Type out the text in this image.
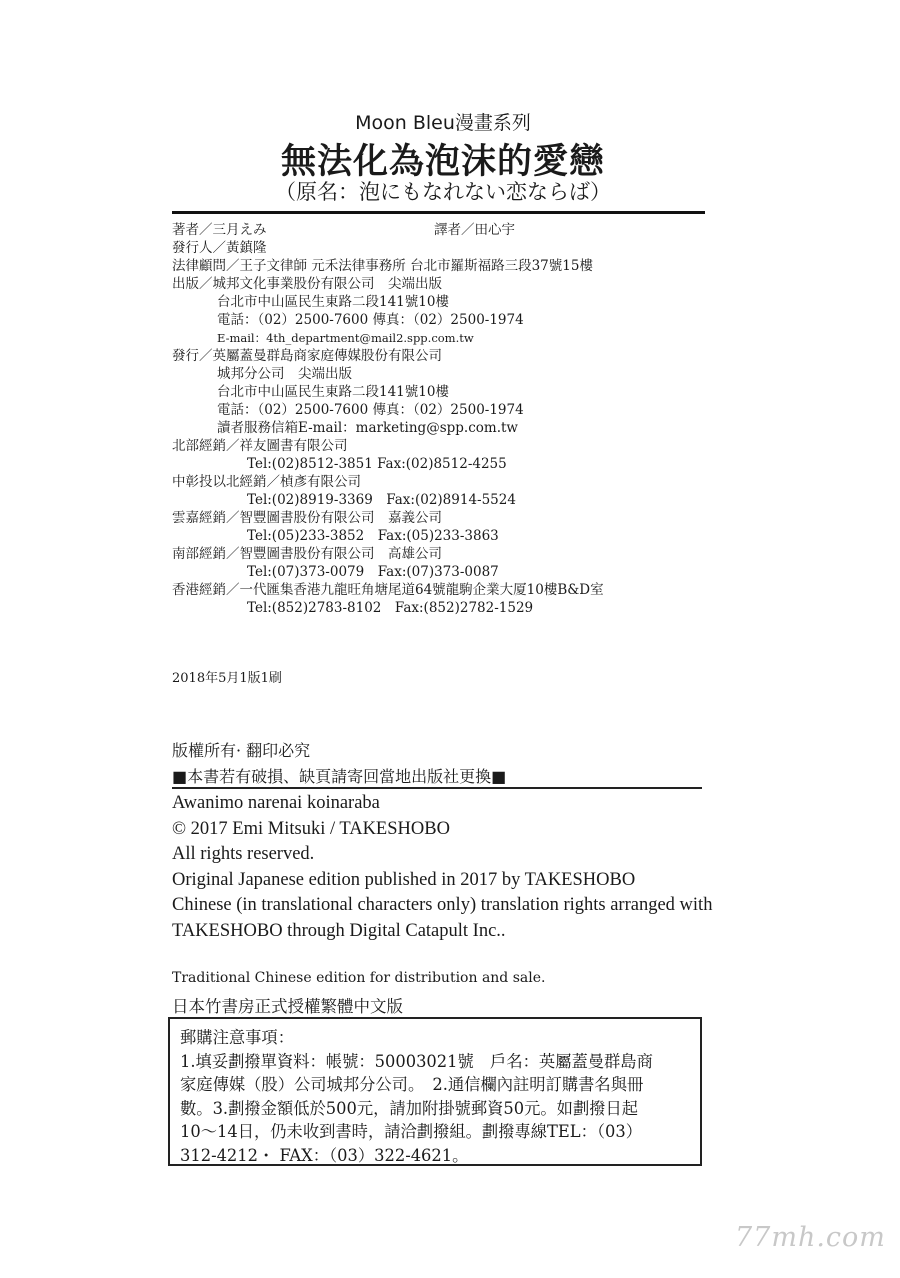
Moon Bleu漫畫系列
無法化為泡沫的愛戀
（原名：泡にもなれない恋ならば）
著者／三月えみ	譯者／田心宇
發行人／黃鎮隆
法律顧問／王子文律師 元禾法律事務所 台北市羅斯福路三段37號15樓
出版／城邦文化事業股份有限公司　尖端出版
台北市中山區民生東路二段141號10樓
電話：（02）2500-7600 傳真：（02）2500-1974
E-mail：4th_department@mail2.spp.com.tw
發行／英屬蓋曼群島商家庭傳媒股份有限公司
城邦分公司　尖端出版
台北市中山區民生東路二段141號10樓
電話：（02）2500-7600 傳真：（02）2500-1974
讀者服務信箱E-mail：marketing@spp.com.tw
北部經銷／祥友圖書有限公司
Tel:(02)8512-3851 Fax:(02)8512-4255
中彰投以北經銷／楨彥有限公司
Tel:(02)8919-3369　Fax:(02)8914-5524
雲嘉經銷／智豐圖書股份有限公司　嘉義公司
Tel:(05)233-3852　Fax:(05)233-3863
南部經銷／智豐圖書股份有限公司　高雄公司
Tel:(07)373-0079　Fax:(07)373-0087
香港經銷／一代匯集香港九龍旺角塘尾道64號龍駒企業大厦10樓B&D室
Tel:(852)2783-8102　Fax:(852)2782-1529
2018年5月1版1刷
版權所有· 翻印必究
■本書若有破損、缺頁請寄回當地出版社更換■
Awanimo narenai koinaraba
© 2017 Emi Mitsuki / TAKESHOBO
All rights reserved.
Original Japanese edition published in 2017 by TAKESHOBO
Chinese (in translational characters only) translation rights arranged with
TAKESHOBO through Digital Catapult Inc..
Traditional Chinese edition for distribution and sale.
日本竹書房正式授權繁體中文版
郵購注意事項：
1.填妥劃撥單資料：帳號：50003021號　戶名：英屬蓋曼群島商
家庭傳媒（股）公司城邦分公司。　2.通信欄內註明訂購書名與冊
數。3.劃撥金額低於500元，請加附掛號郵資50元。如劃撥日起
10～14日，仍未收到書時，請洽劃撥組。劃撥專線TEL：（03）
312-4212・ FAX：（03）322-4621。
77mh.com
